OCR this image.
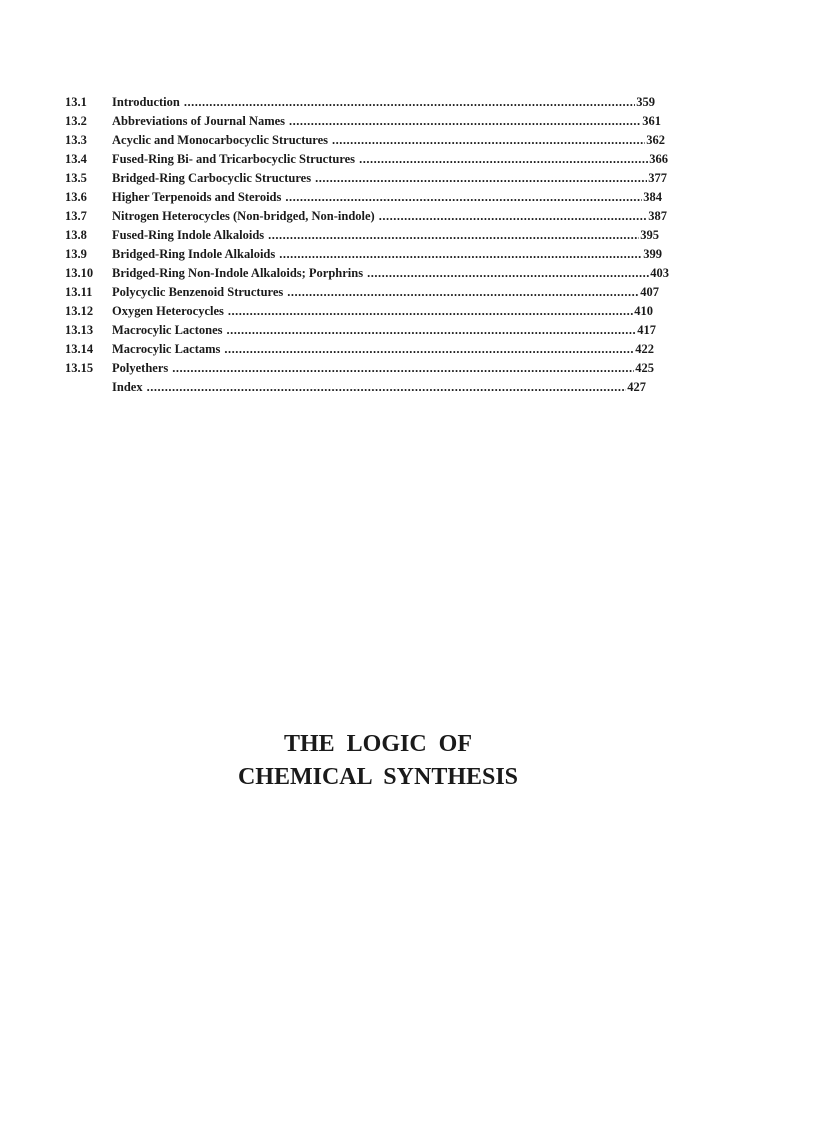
13.1	Introduction .....	359
13.2	Abbreviations of Journal Names .....	361
13.3	Acyclic and Monocarbocyclic Structures .....	362
13.4	Fused-Ring Bi- and Tricarbocyclic Structures .....	366
13.5	Bridged-Ring Carbocyclic Structures .....	377
13.6	Higher Terpenoids and Steroids .....	384
13.7	Nitrogen Heterocycles (Non-bridged, Non-indole) .....	387
13.8	Fused-Ring Indole Alkaloids .....	395
13.9	Bridged-Ring Indole Alkaloids .....	399
13.10	Bridged-Ring Non-Indole Alkaloids; Porphrins .....	403
13.11	Polycyclic Benzenoid Structures .....	407
13.12	Oxygen Heterocycles .....	410
13.13	Macrocylic Lactones .....	417
13.14	Macrocylic Lactams .....	422
13.15	Polyethers .....	425
Index .....	427
THE LOGIC OF
CHEMICAL SYNTHESIS
